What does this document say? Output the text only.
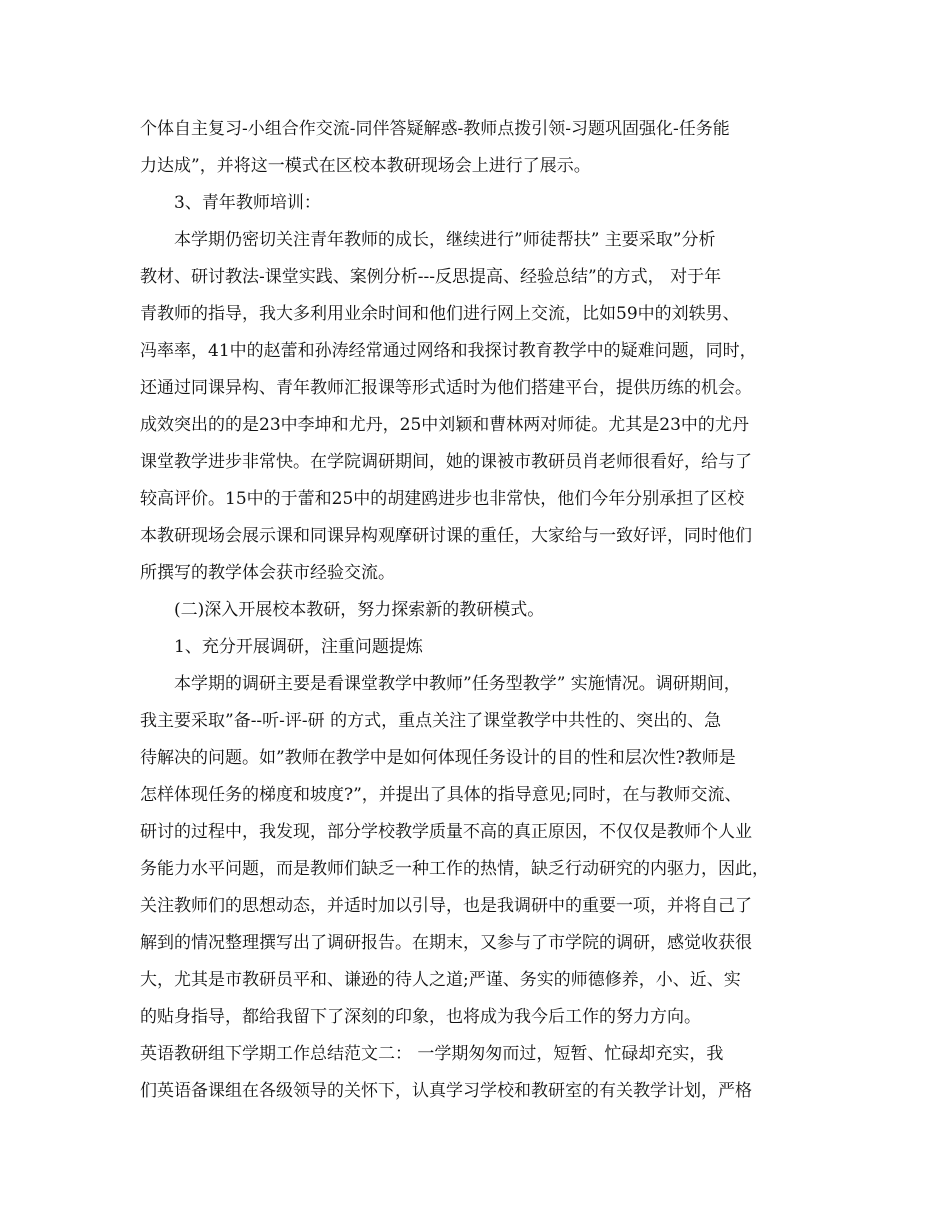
个体自主复习-小组合作交流-同伴答疑解惑-教师点拨引领-习题巩固强化-任务能
力达成”，并将这一模式在区校本教研现场会上进行了展示。
3、青年教师培训：
本学期仍密切关注青年教师的成长，继续进行”师徒帮扶” 主要采取”分析
教材、研讨教法-课堂实践、案例分析---反思提高、经验总结”的方式， 对于年
青教师的指导，我大多利用业余时间和他们进行网上交流，比如59中的刘轶男、
冯率率，41中的赵蕾和孙涛经常通过网络和我探讨教育教学中的疑难问题，同时，
还通过同课异构、青年教师汇报课等形式适时为他们搭建平台，提供历练的机会。
成效突出的的是23中李坤和尤丹，25中刘颖和曹林两对师徒。尤其是23中的尤丹
课堂教学进步非常快。在学院调研期间，她的课被市教研员肖老师很看好，给与了
较高评价。15中的于蕾和25中的胡建鸥进步也非常快，他们今年分别承担了区校
本教研现场会展示课和同课异构观摩研讨课的重任，大家给与一致好评，同时他们
所撰写的教学体会获市经验交流。
(二)深入开展校本教研，努力探索新的教研模式。
1、充分开展调研，注重问题提炼
本学期的调研主要是看课堂教学中教师”任务型教学” 实施情况。调研期间，
我主要采取”备--听-评-研 的方式，重点关注了课堂教学中共性的、突出的、急
待解决的问题。如”教师在教学中是如何体现任务设计的目的性和层次性?教师是
怎样体现任务的梯度和坡度?”，并提出了具体的指导意见;同时，在与教师交流、
研讨的过程中，我发现，部分学校教学质量不高的真正原因，不仅仅是教师个人业
务能力水平问题，而是教师们缺乏一种工作的热情，缺乏行动研究的内驱力，因此，
关注教师们的思想动态，并适时加以引导，也是我调研中的重要一项，并将自己了
解到的情况整理撰写出了调研报告。在期末，又参与了市学院的调研，感觉收获很
大，尤其是市教研员平和、谦逊的待人之道;严谨、务实的师德修养，小、近、实
的贴身指导，都给我留下了深刻的印象，也将成为我今后工作的努力方向。
英语教研组下学期工作总结范文二： 一学期匆匆而过，短暂、忙碌却充实，我
们英语备课组在各级领导的关怀下，认真学习学校和教研室的有关教学计划，严格
